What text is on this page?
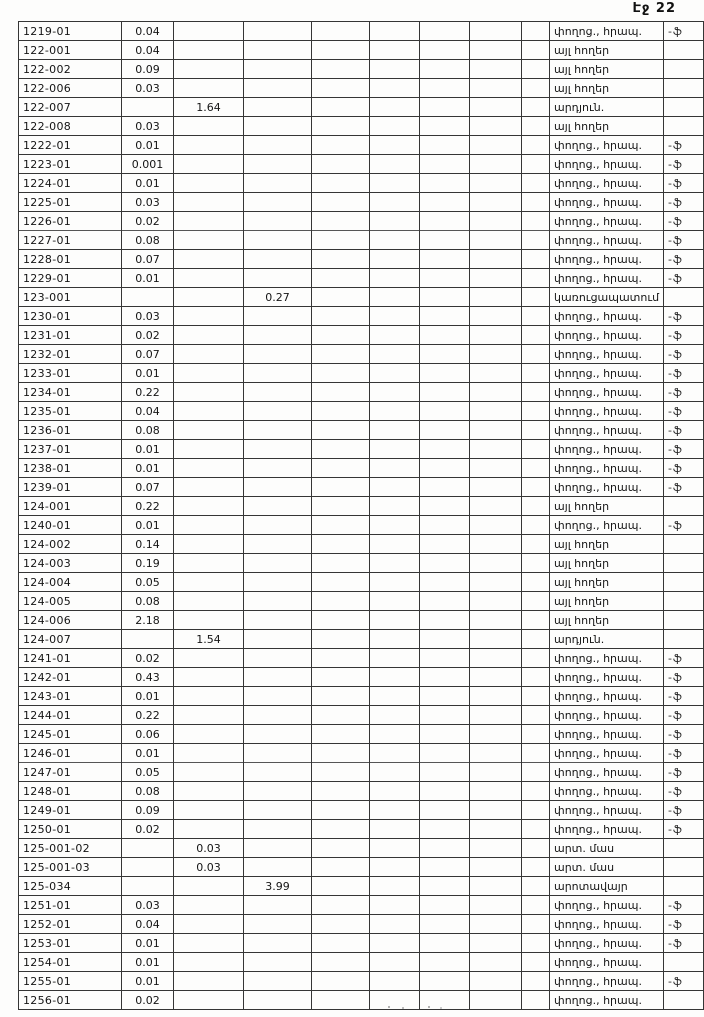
Էջ 22
1219-01	0.04								փողոց., հրապ.	-ֆ
122-001	0.04								այլ հողեր	
122-002	0.09								այլ հողեր	
122-006	0.03								այլ հողեր	
122-007		1.64							արդյուն.	
122-008	0.03								այլ հողեր	
1222-01	0.01								փողոց., հրապ.	-ֆ
1223-01	0.001								փողոց., հրապ.	-ֆ
1224-01	0.01								փողոց., հրապ.	-ֆ
1225-01	0.03								փողոց., հրապ.	-ֆ
1226-01	0.02								փողոց., հրապ.	-ֆ
1227-01	0.08								փողոց., հրապ.	-ֆ
1228-01	0.07								փողոց., հրապ.	-ֆ
1229-01	0.01								փողոց., հրապ.	-ֆ
123-001			0.27						կառուցապատում	
1230-01	0.03								փողոց., հրապ.	-ֆ
1231-01	0.02								փողոց., հրապ.	-ֆ
1232-01	0.07								փողոց., հրապ.	-ֆ
1233-01	0.01								փողոց., հրապ.	-ֆ
1234-01	0.22								փողոց., հրապ.	-ֆ
1235-01	0.04								փողոց., հրապ.	-ֆ
1236-01	0.08								փողոց., հրապ.	-ֆ
1237-01	0.01								փողոց., հրապ.	-ֆ
1238-01	0.01								փողոց., հրապ.	-ֆ
1239-01	0.07								փողոց., հրապ.	-ֆ
124-001	0.22								այլ հողեր	
1240-01	0.01								փողոց., հրապ.	-ֆ
124-002	0.14								այլ հողեր	
124-003	0.19								այլ հողեր	
124-004	0.05								այլ հողեր	
124-005	0.08								այլ հողեր	
124-006	2.18								այլ հողեր	
124-007		1.54							արդյուն.	
1241-01	0.02								փողոց., հրապ.	-ֆ
1242-01	0.43								փողոց., հրապ.	-ֆ
1243-01	0.01								փողոց., հրապ.	-ֆ
1244-01	0.22								փողոց., հրապ.	-ֆ
1245-01	0.06								փողոց., հրապ.	-ֆ
1246-01	0.01								փողոց., հրապ.	-ֆ
1247-01	0.05								փողոց., հրապ.	-ֆ
1248-01	0.08								փողոց., հրապ.	-ֆ
1249-01	0.09								փողոց., հրապ.	-ֆ
1250-01	0.02								փողոց., հրապ.	-ֆ
125-001-02		0.03							արտ. մաս	
125-001-03		0.03							արտ. մաս	
125-034			3.99						արոտավայր	
1251-01	0.03								փողոց., հրապ.	-ֆ
1252-01	0.04								փողոց., հրապ.	-ֆ
1253-01	0.01								փողոց., հրապ.	-ֆ
1254-01	0.01								փողոց., հրապ.	
1255-01	0.01								փողոց., հրապ.	-ֆ
1256-01	0.02								փողոց., հրապ.	
